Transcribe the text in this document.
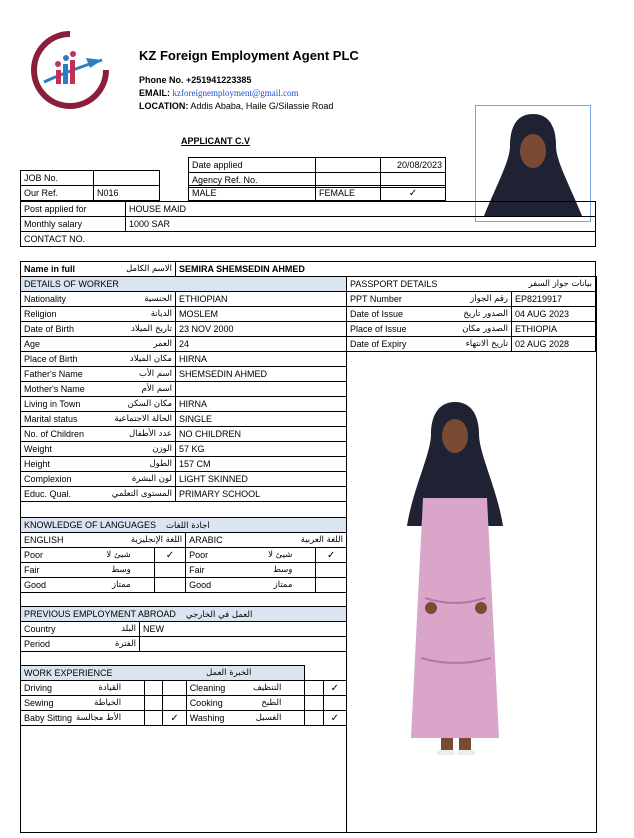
KZ Foreign Employment Agent PLC
Phone No. +251941223385
EMAIL: kzforeignemployment@gmail.com
LOCATION: Addis Ababa, Haile G/Silassie Road
APPLICANT C.V
Date applied		20/08/2023
Agency Ref. No.		
JOB No.	
Our Ref.	N016	MALE	FEMALE	✓
Post applied for	HOUSE MAID
Monthly salary	1000 SAR
CONTACT NO.	
Name in full	الاسم الكامل	SEMIRA SHEMSEDIN AHMED
DETAILS OF WORKER	

Nationality الجنسية	ETHIOPIAN

Religion الديانة	MOSLEM

Date of Birth تاريخ الميلاد	23 NOV 2000

Age العمر	24

Place of Birth مكان الميلاد	HIRNA

Father's Name اسم الأب	SHEMSEDIN AHMED

Mother's Name اسم الأم	

Living in Town مكان السكن	HIRNA

Marital status الحالة الاجتماعية	SINGLE

No. of Children عدد الأطفال	NO CHILDREN

Weight الوزن	57 KG

Height الطول	157 CM

Complexion لون البشرة	LIGHT SKINNED

Educ. Qual. المستوى التعلمي	PRIMARY SCHOOL
PASSPORT DETAILS بيانات جواز السفر	

PPT Number رقم الجواز	EP8219917

Date of Issue الصدور تاريخ	04 AUG 2023

Place of Issue الصدور مكان	ETHIOPIA

Date of Expiry تاريخ الانتهاء	02 AUG 2028
KNOWLEDGE OF LANGUAGES اجادة اللغات			

ENGLISH اللغة الإنجليزية		ARABIC اللغة العربية	

Poor شيئ لا	✓	Poor شيئ لا	✓

Fair وسط		Fair وسط	

Good ممتاز		Good ممتاز	

PREVIOUS EMPLOYMENT ABROAD العمل في الخارجي	

Country البلد	NEW

Period الفترة	

WORK EXPERIENCE الخبرة العمل					

Driving القيادة			Cleaning التنظيف		✓

Sewing الخياطة			Cooking الطبخ		

Baby Sitting الأط مجالسة		✓	Washing الغسيل		✓
